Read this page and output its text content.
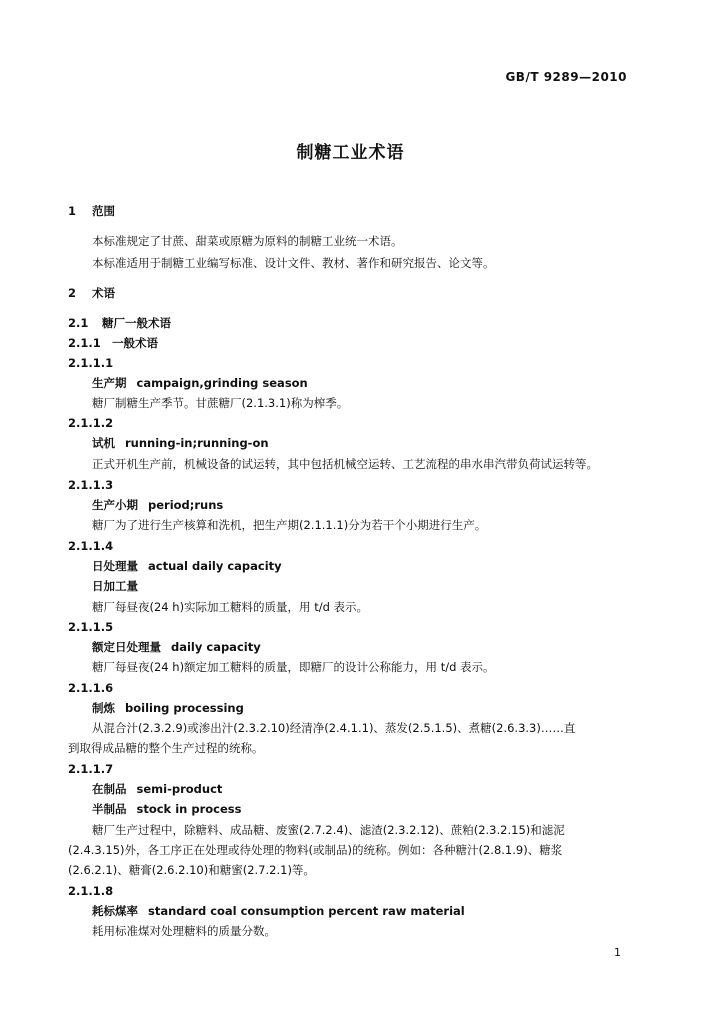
GB/T 9289—2010
制糖工业术语
1 范围
本标准规定了甘蔗、甜菜或原糖为原料的制糖工业统一术语。
本标准适用于制糖工业编写标准、设计文件、教材、著作和研究报告、论文等。
2 术语
2.1 糖厂一般术语
2.1.1 一般术语
2.1.1.1
生产期 campaign,grinding season
糖厂制糖生产季节。甘蔗糖厂(2.1.3.1)称为榨季。
2.1.1.2
试机 running-in;running-on
正式开机生产前，机械设备的试运转，其中包括机械空运转、工艺流程的串水串汽带负荷试运转等。
2.1.1.3
生产小期 period;runs
糖厂为了进行生产核算和洗机，把生产期(2.1.1.1)分为若干个小期进行生产。
2.1.1.4
日处理量 actual daily capacity
日加工量
糖厂每昼夜(24 h)实际加工糖料的质量，用 t/d 表示。
2.1.1.5
额定日处理量 daily capacity
糖厂每昼夜(24 h)额定加工糖料的质量，即糖厂的设计公称能力，用 t/d 表示。
2.1.1.6
制炼 boiling processing
从混合汁(2.3.2.9)或渗出汁(2.3.2.10)经清净(2.4.1.1)、蒸发(2.5.1.5)、煮糖(2.6.3.3)……直
到取得成品糖的整个生产过程的统称。
2.1.1.7
在制品 semi-product
半制品 stock in process
糖厂生产过程中，除糖料、成品糖、废蜜(2.7.2.4)、滤渣(2.3.2.12)、蔗粕(2.3.2.15)和滤泥
(2.4.3.15)外，各工序正在处理或待处理的物料(或制品)的统称。例如：各种糖汁(2.8.1.9)、糖浆
(2.6.2.1)、糖膏(2.6.2.10)和糖蜜(2.7.2.1)等。
2.1.1.8
耗标煤率 standard coal consumption percent raw material
耗用标准煤对处理糖料的质量分数。
1
